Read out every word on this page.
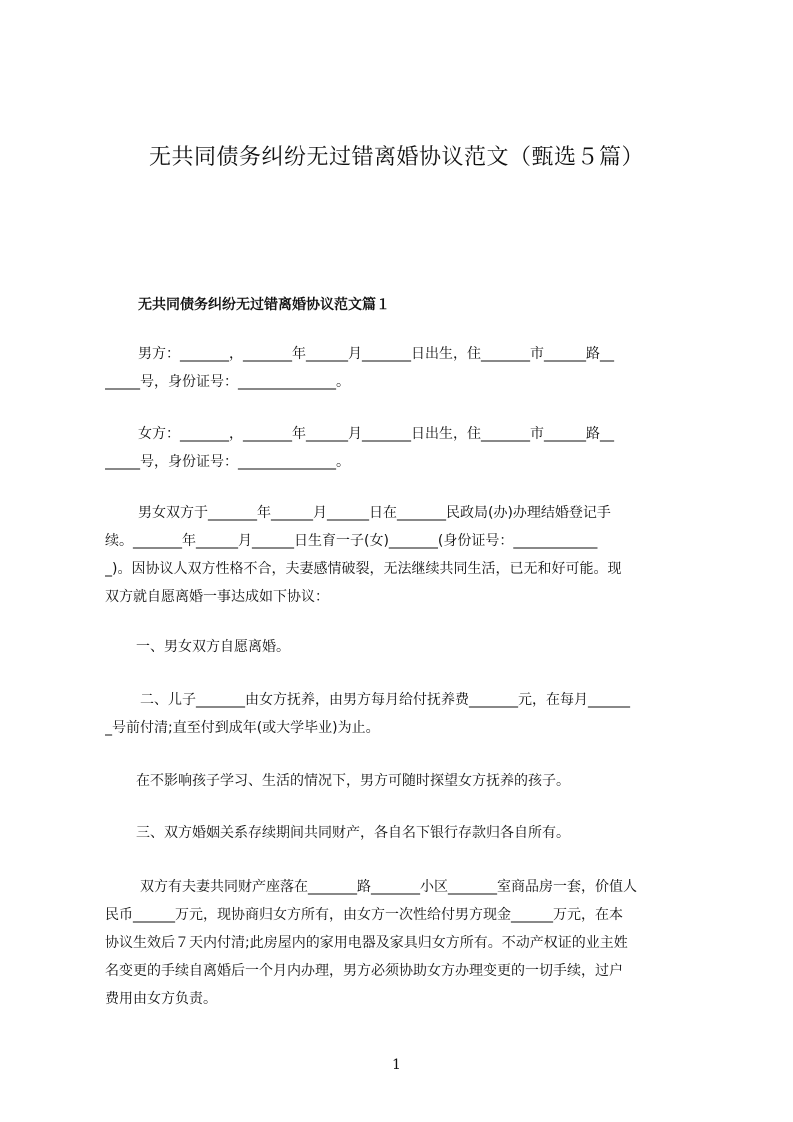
无共同债务纠纷无过错离婚协议范文（甄选５篇）
无共同债务纠纷无过错离婚协议范文篇１

男方：_______，_______年______月_______日出生，住_______市______路__
_____号，身份证号：______________。

女方：_______，_______年______月_______日出生，住_______市______路__
_____号，身份证号：______________。

男女双方于_______年______月______日在_______民政局(办)办理结婚登记手
续。_______年______月______日生育一子(女)_______(身份证号：____________
_)。因协议人双方性格不合，夫妻感情破裂，无法继续共同生活，已无和好可能。现
双方就自愿离婚一事达成如下协议：

一、男女双方自愿离婚。

二、儿子_______由女方抚养，由男方每月给付抚养费_______元，在每月______
_号前付清;直至付到成年(或大学毕业)为止。

在不影响孩子学习、生活的情况下，男方可随时探望女方抚养的孩子。

三、双方婚姻关系存续期间共同财产，各自名下银行存款归各自所有。

双方有夫妻共同财产座落在_______路_______小区_______室商品房一套，价值人
民币______万元，现协商归女方所有，由女方一次性给付男方现金______万元，在本
协议生效后７天内付清;此房屋内的家用电器及家具归女方所有。不动产权证的业主姓
名变更的手续自离婚后一个月内办理，男方必须协助女方办理变更的一切手续，过户
费用由女方负责。

1
